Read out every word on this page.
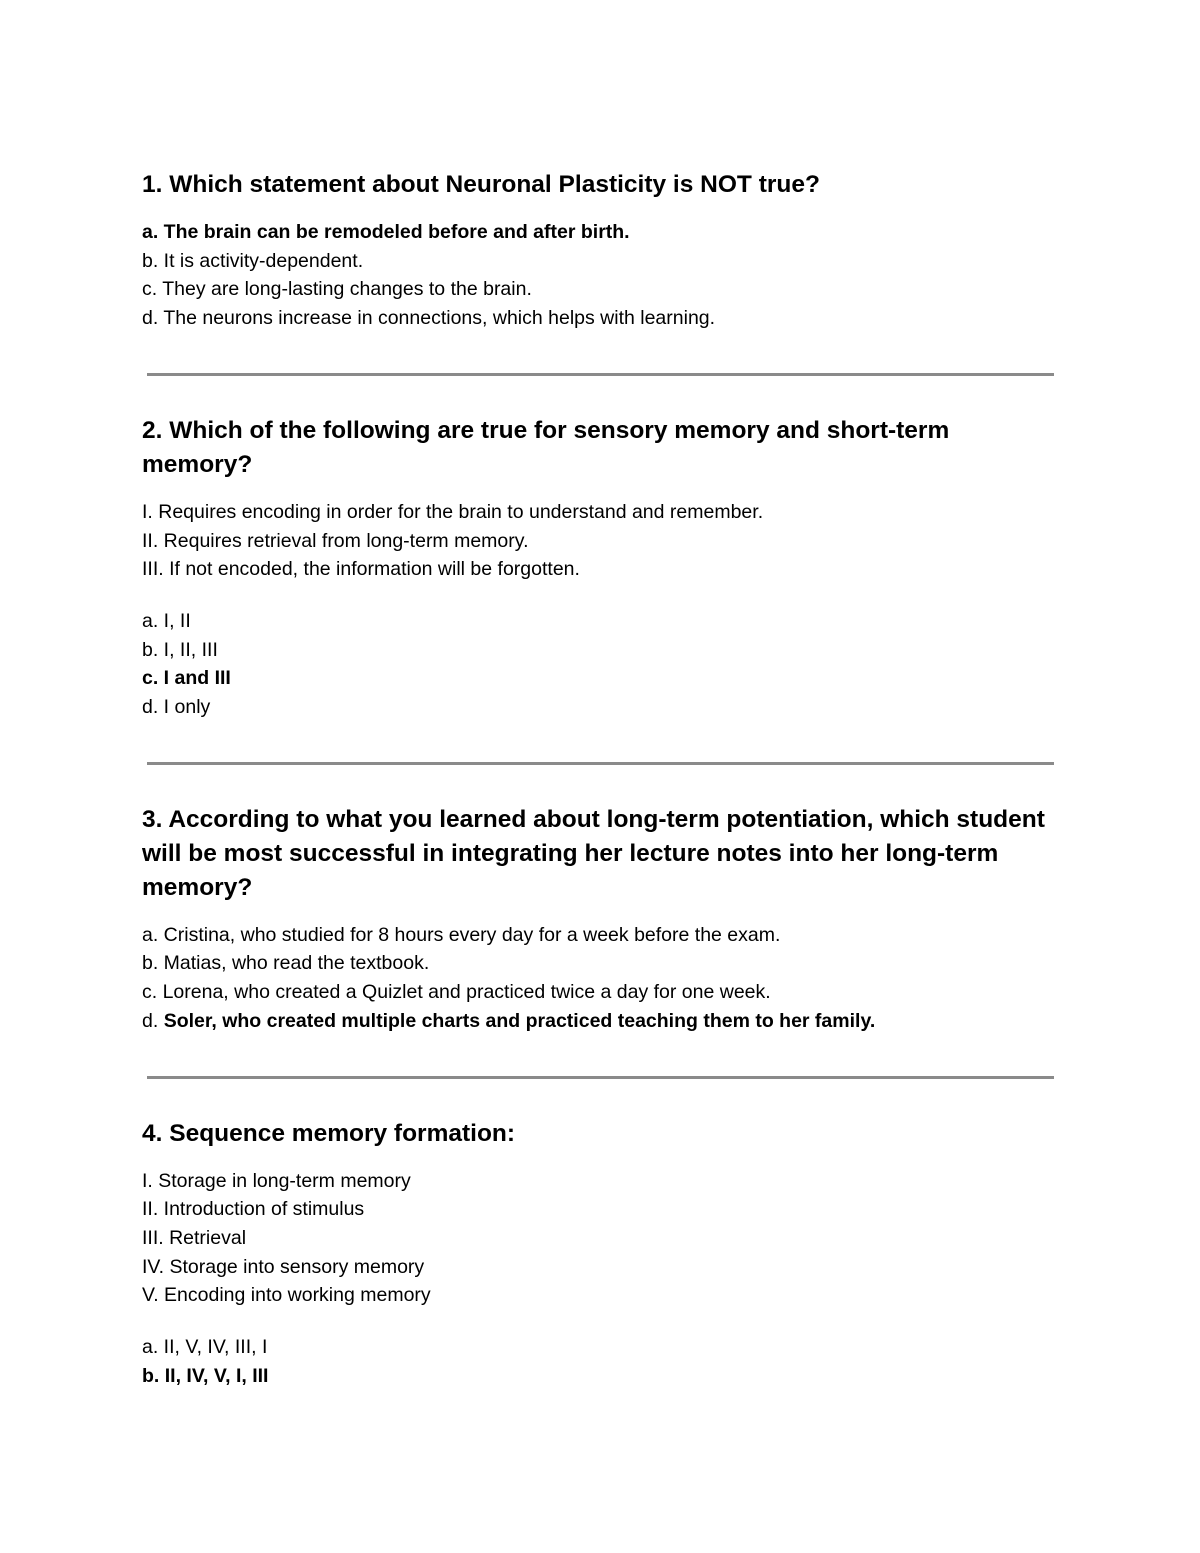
1. Which statement about Neuronal Plasticity is NOT true?
a. The brain can be remodeled before and after birth.
b. It is activity-dependent.
c. They are long-lasting changes to the brain.
d. The neurons increase in connections, which helps with learning.
2. Which of the following are true for sensory memory and short-term memory?
I. Requires encoding in order for the brain to understand and remember.
II. Requires retrieval from long-term memory.
III. If not encoded, the information will be forgotten.
a. I, II
b. I, II, III
c. I and III
d. I only
3. According to what you learned about long-term potentiation, which student will be most successful in integrating her lecture notes into her long-term memory?
a. Cristina, who studied for 8 hours every day for a week before the exam.
b. Matias, who read the textbook.
c. Lorena, who created a Quizlet and practiced twice a day for one week.
d. Soler, who created multiple charts and practiced teaching them to her family.
4. Sequence memory formation:
I. Storage in long-term memory
II. Introduction of stimulus
III. Retrieval
IV. Storage into sensory memory
V. Encoding into working memory
a. II, V, IV, III, I
b. II, IV, V, I, III
